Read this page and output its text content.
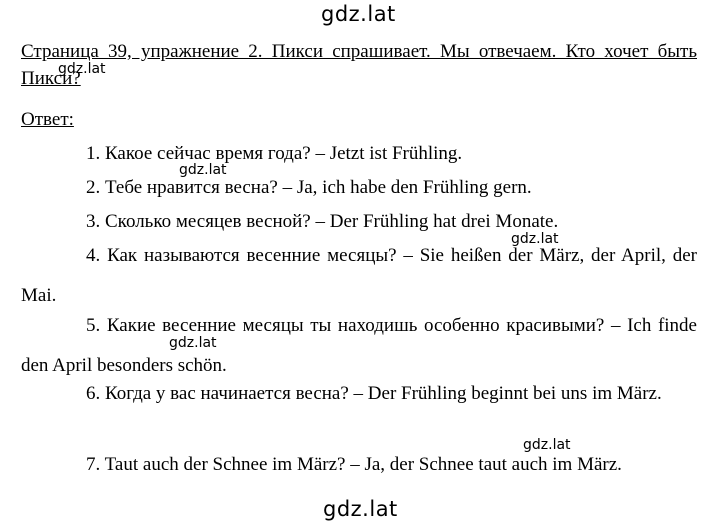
gdz.lat
Страница 39, упражнение 2. Пикси спрашивает. Мы отвечаем. Кто хочет быть Пикси?
gdz.lat
Ответ:
1. Какое сейчас время года? – Jetzt ist Frühling.
gdz.lat
2. Тебе нравится весна? – Ja, ich habe den Frühling gern.
3. Сколько месяцев весной? – Der Frühling hat drei Monate.
gdz.lat
4. Как называются весенние месяцы? – Sie heißen der März, der April, der Mai.
5. Какие весенние месяцы ты находишь особенно красивыми? – Ich finde den April besonders schön.
gdz.lat
6. Когда у вас начинается весна? – Der Frühling beginnt bei uns im März.
gdz.lat
7. Taut auch der Schnee im März? – Ja, der Schnee taut auch im März.
gdz.lat
